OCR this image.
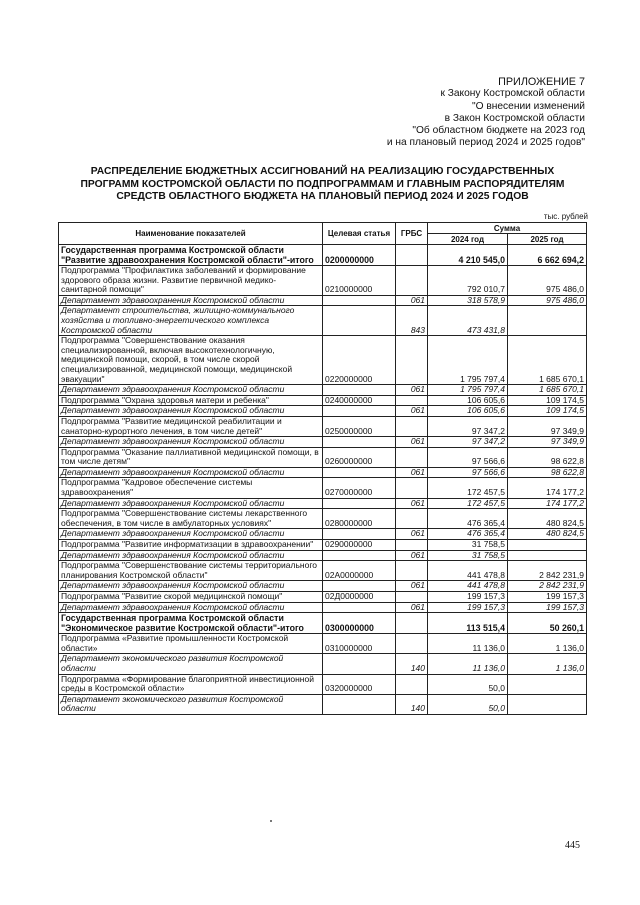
ПРИЛОЖЕНИЕ 7
к Закону Костромской области
"О внесении изменений
в Закон Костромской области
"Об областном бюджете на 2023 год
и на плановый период 2024 и 2025 годов"
РАСПРЕДЕЛЕНИЕ БЮДЖЕТНЫХ АССИГНОВАНИЙ НА РЕАЛИЗАЦИЮ ГОСУДАРСТВЕННЫХ
ПРОГРАММ КОСТРОМСКОЙ ОБЛАСТИ ПО ПОДПРОГРАММАМ И ГЛАВНЫМ РАСПОРЯДИТЕЛЯМ
СРЕДСТВ ОБЛАСТНОГО БЮДЖЕТА НА ПЛАНОВЫЙ ПЕРИОД 2024 И 2025 ГОДОВ
тыс. рублей
Наименование показателей	Целевая статья	ГРБС	Сумма	
			2024 год	2025 год
Государственная программа Костромской области "Развитие здравоохранения Костромской области"-итого	0200000000		4 210 545,0	6 662 694,2
Подпрограмма "Профилактика заболеваний и формирование здорового образа жизни. Развитие первичной медико-санитарной помощи"	0210000000		792 010,7	975 486,0
Департамент здравоохранения Костромской области		061	318 578,9	975 486,0
Департамент строительства, жилищно-коммунального хозяйства и топливно-энергетического комплекса Костромской области		843	473 431,8	
Подпрограмма "Совершенствование оказания специализированной, включая высокотехнологичную, медицинской помощи, скорой, в том числе скорой специализированной, медицинской помощи, медицинской эвакуации"	0220000000		1 795 797,4	1 685 670,1
Департамент здравоохранения Костромской области		061	1 795 797,4	1 685 670,1
Подпрограмма "Охрана здоровья матери и ребенка"	0240000000		106 605,6	109 174,5
Департамент здравоохранения Костромской области		061	106 605,6	109 174,5
Подпрограмма "Развитие медицинской реабилитации и санаторно-курортного лечения, в том числе детей"	0250000000		97 347,2	97 349,9
Департамент здравоохранения Костромской области		061	97 347,2	97 349,9
Подпрограмма "Оказание паллиативной медицинской помощи, в том числе детям"	0260000000		97 566,6	98 622,8
Департамент здравоохранения Костромской области		061	97 566,6	98 622,8
Подпрограмма "Кадровое обеспечение системы здравоохранения"	0270000000		172 457,5	174 177,2
Департамент здравоохранения Костромской области		061	172 457,5	174 177,2
Подпрограмма "Совершенствование системы лекарственного обеспечения, в том числе в амбулаторных условиях"	0280000000		476 365,4	480 824,5
Департамент здравоохранения Костромской области		061	476 365,4	480 824,5
Подпрограмма "Развитие информатизации в здравоохранении"	0290000000		31 758,5	
Департамент здравоохранения Костромской области		061	31 758,5	
Подпрограмма "Совершенствование системы территориального планирования Костромской области"	02А0000000		441 478,8	2 842 231,9
Департамент здравоохранения Костромской области		061	441 478,8	2 842 231,9
Подпрограмма "Развитие скорой медицинской помощи"	02Д0000000		199 157,3	199 157,3
Департамент здравоохранения Костромской области		061	199 157,3	199 157,3
Государственная программа Костромской области "Экономическое развитие Костромской области"-итого	0300000000		113 515,4	50 260,1
Подпрограмма «Развитие промышленности Костромской области»	0310000000		11 136,0	1 136,0
Департамент экономического развития Костромской области		140	11 136,0	1 136,0
Подпрограмма «Формирование благоприятной инвестиционной среды в Костромской области»	0320000000		50,0	
Департамент экономического развития Костромской области		140	50,0	
445
